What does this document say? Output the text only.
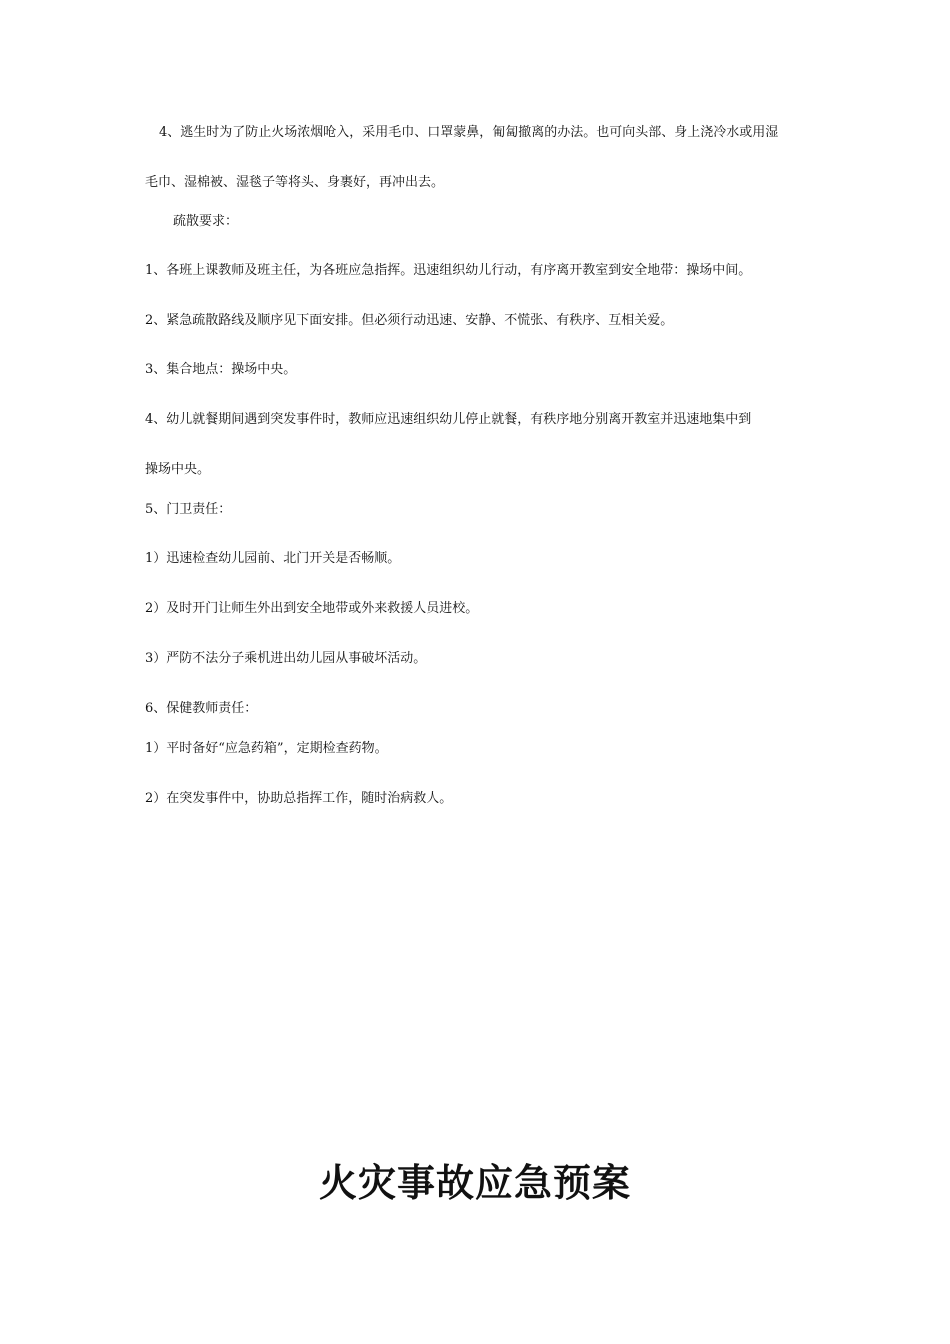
4、逃生时为了防止火场浓烟呛入，采用毛巾、口罩蒙鼻，匍匐撤离的办法。也可向头部、身上浇冷水或用湿
毛巾、湿棉被、湿毯子等将头、身裹好，再冲出去。
疏散要求：
1、各班上课教师及班主任，为各班应急指挥。迅速组织幼儿行动，有序离开教室到安全地带：操场中间。
2、紧急疏散路线及顺序见下面安排。但必须行动迅速、安静、不慌张、有秩序、互相关爱。
3、集合地点：操场中央。
4、幼儿就餐期间遇到突发事件时，教师应迅速组织幼儿停止就餐，有秩序地分别离开教室并迅速地集中到
操场中央。
5、门卫责任：
1）迅速检查幼儿园前、北门开关是否畅顺。
2）及时开门让师生外出到安全地带或外来救援人员进校。
3）严防不法分子乘机进出幼儿园从事破坏活动。
6、保健教师责任：
1）平时备好“应急药箱”，定期检查药物。
2）在突发事件中，协助总指挥工作，随时治病救人。
火灾事故应急预案
